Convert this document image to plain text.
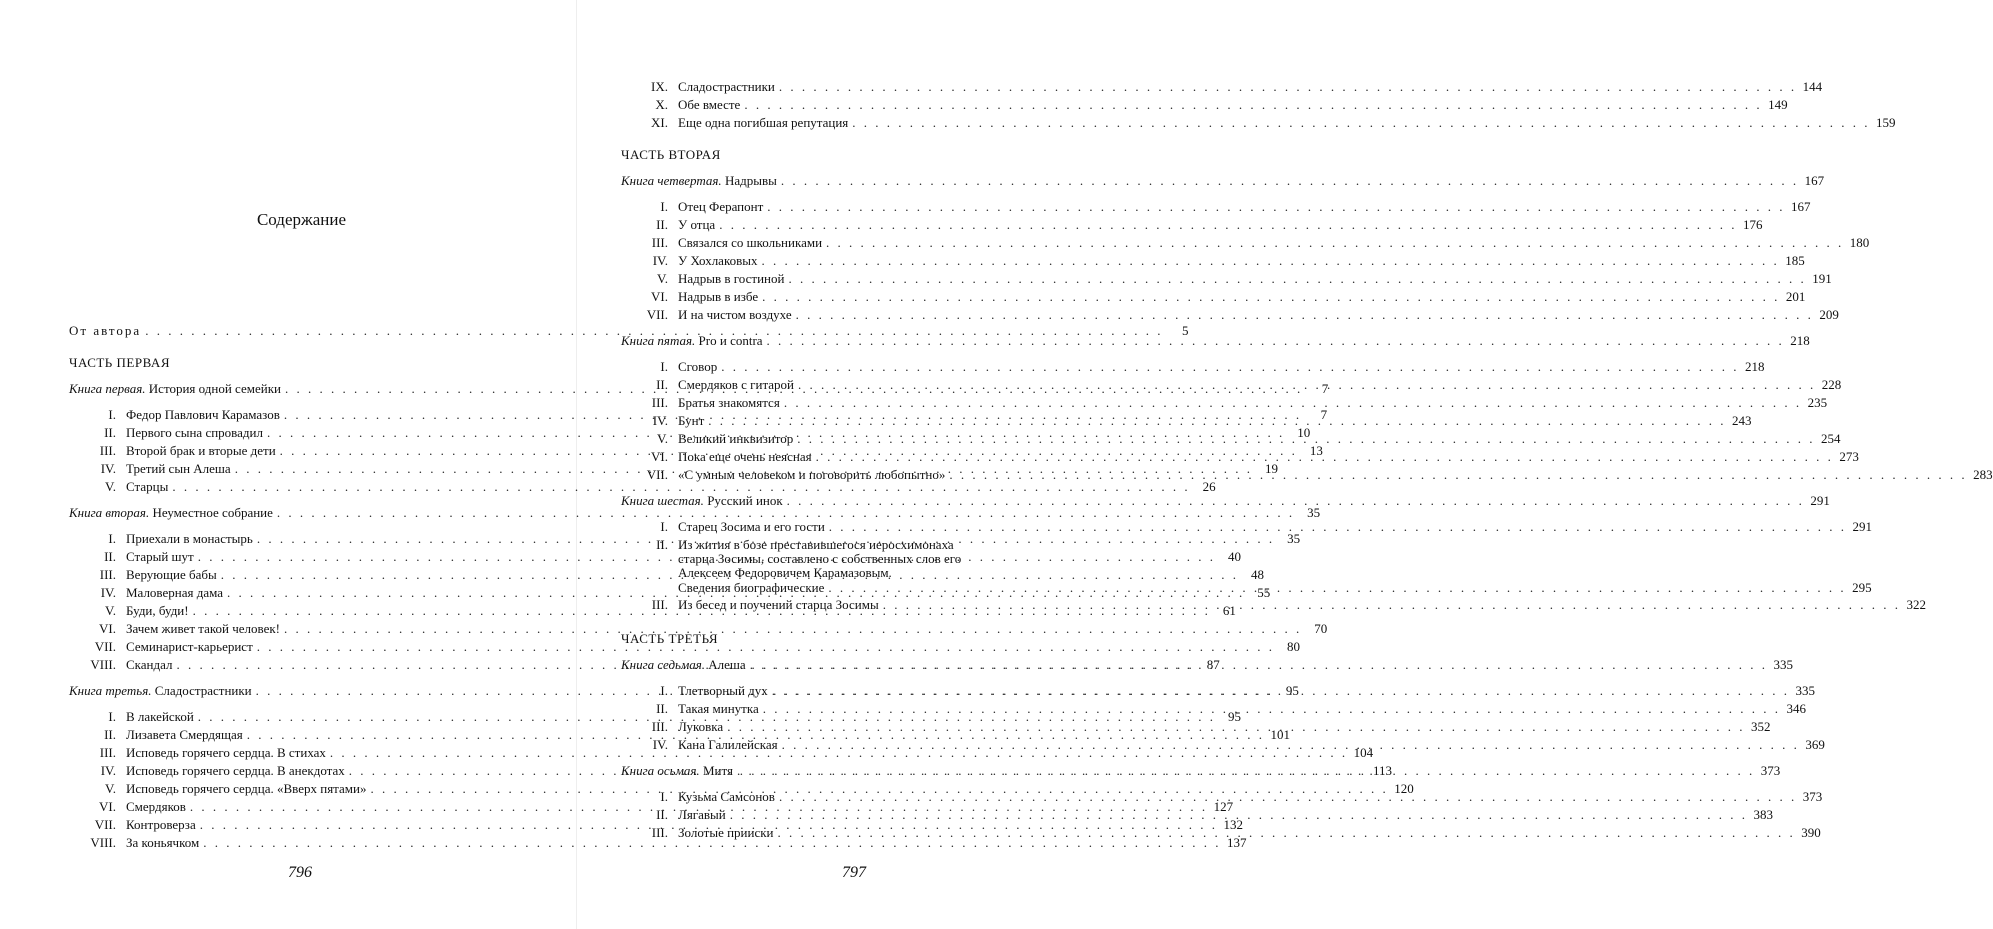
Содержание
От автора . . .	5
ЧАСТЬ ПЕРВАЯ
Книга первая. История одной семейки . . .	7
I. Федор Павлович Карамазов . . .	7
II. Первого сына спровадил . . .	10
III. Второй брак и вторые дети . . .	13
IV. Третий сын Алеша . . .	19
V. Старцы . . .	26
Книга вторая. Неуместное собрание . . .	35
I. Приехали в монастырь . . .	35
II. Старый шут . . .	40
III. Верующие бабы . . .	48
IV. Маловерная дама . . .	55
V. Буди, буди! . . .	61
VI. Зачем живет такой человек! . . .	70
VII. Семинарист-карьерист . . .	80
VIII. Скандал . . .	87
Книга третья. Сладострастники . . .	95
I. В лакейской . . .	95
II. Лизавета Смердящая . . .	101
III. Исповедь горячего сердца. В стихах . . .	104
IV. Исповедь горячего сердца. В анекдотах . . .	113
V. Исповедь горячего сердца. «Вверх пятами» . . .	120
VI. Смердяков . . .	127
VII. Контроверза . . .	132
VIII. За коньячком . . .	137
796
IX. Сладострастники . . .	144
X. Обе вместе . . .	149
XI. Еще одна погибшая репутация . . .	159
ЧАСТЬ ВТОРАЯ
Книга четвертая. Надрывы . . .	167
I. Отец Ферапонт . . .	167
II. У отца . . .	176
III. Связался со школьниками . . .	180
IV. У Хохлаковых . . .	185
V. Надрыв в гостиной . . .	191
VI. Надрыв в избе . . .	201
VII. И на чистом воздухе . . .	209
Книга пятая. Pro и contra . . .	218
I. Сговор . . .	218
II. Смердяков с гитарой . . .	228
III. Братья знакомятся . . .	235
IV. Бунт . . .	243
V. Великий инквизитор . . .	254
VI. Пока еще очень неясная . . .	273
VII. «С умным человеком и поговорить любопытно» . . .	283
Книга шестая. Русский инок . . .	291
I. Старец Зосима и его гости . . .	291
II. Из жития в бозе преставившегося иеросхимонаха
старца Зосимы, составлено с собственных слов его
Алексеем Федоровичем Карамазовым.
Сведения биографические . . .	295
III. Из бесед и поучений старца Зосимы . . .	322
ЧАСТЬ ТРЕТЬЯ
Книга седьмая. Алеша . . .	335
I. Тлетворный дух . . .	335
II. Такая минутка . . .	346
III. Луковка . . .	352
IV. Кана Галилейская . . .	369
Книга осьмая. Митя . . .	373
I. Кузьма Самсонов . . .	373
II. Лягавый . . .	383
III. Золотые прииски . . .	390
797
